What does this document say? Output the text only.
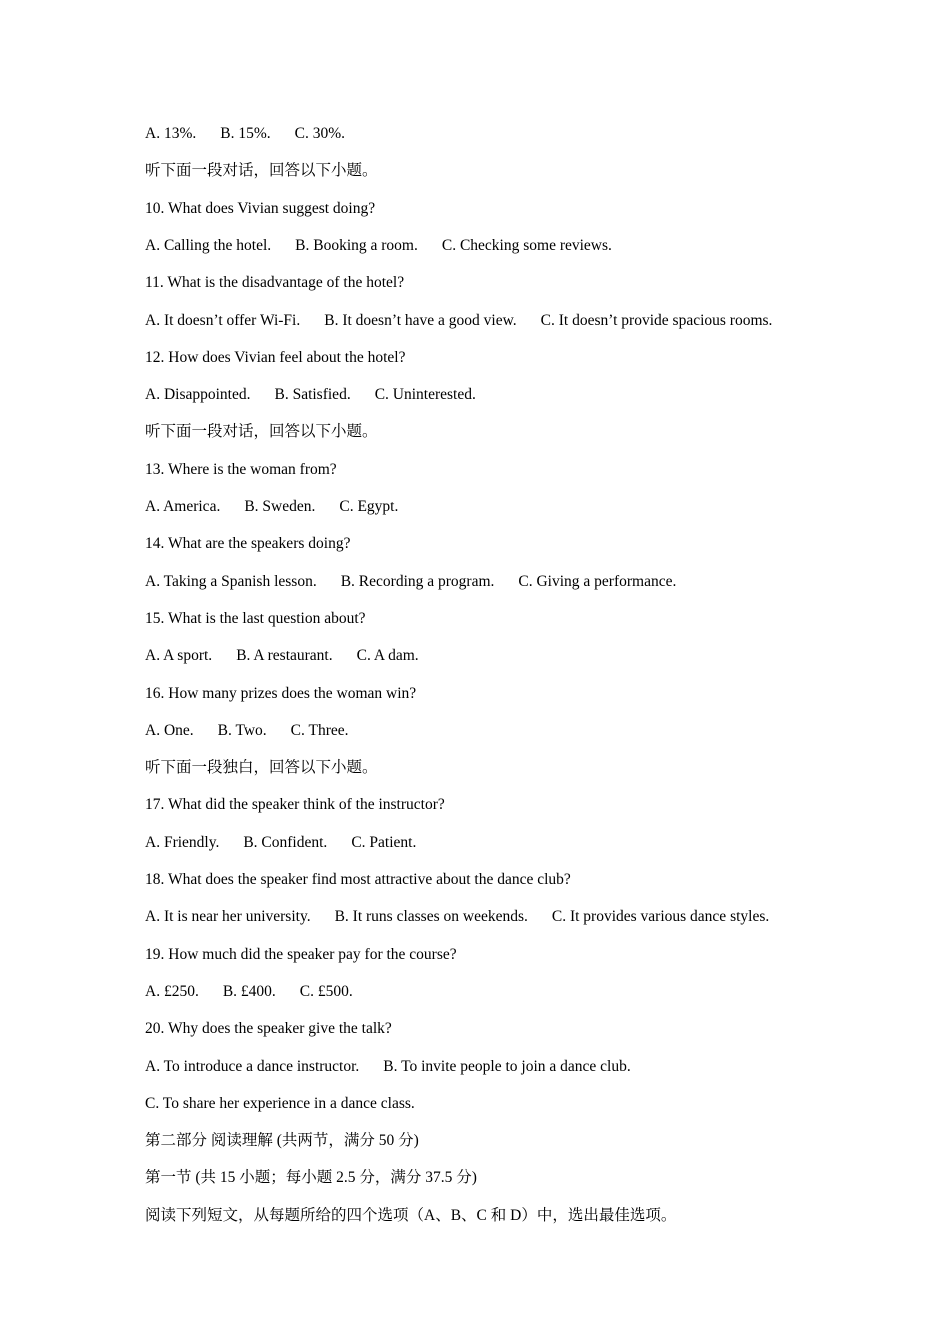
A. 13%. B. 15%. C. 30%.
听下面一段对话，回答以下小题。
10. What does Vivian suggest doing?
A. Calling the hotel. B. Booking a room. C. Checking some reviews.
11. What is the disadvantage of the hotel?
A. It doesn’t offer Wi-Fi. B. It doesn’t have a good view. C. It doesn’t provide spacious rooms.
12. How does Vivian feel about the hotel?
A. Disappointed. B. Satisfied. C. Uninterested.
听下面一段对话，回答以下小题。
13. Where is the woman from?
A. America. B. Sweden. C. Egypt.
14. What are the speakers doing?
A. Taking a Spanish lesson. B. Recording a program. C. Giving a performance.
15. What is the last question about?
A. A sport. B. A restaurant. C. A dam.
16. How many prizes does the woman win?
A. One. B. Two. C. Three.
听下面一段独白，回答以下小题。
17. What did the speaker think of the instructor?
A. Friendly. B. Confident. C. Patient.
18. What does the speaker find most attractive about the dance club?
A. It is near her university. B. It runs classes on weekends. C. It provides various dance styles.
19. How much did the speaker pay for the course?
A. £250. B. £400. C. £500.
20. Why does the speaker give the talk?
A. To introduce a dance instructor. B. To invite people to join a dance club.
C. To share her experience in a dance class.
第二部分 阅读理解 (共两节，满分 50 分)
第一节 (共 15 小题；每小题 2.5 分，满分 37.5 分)
阅读下列短文，从每题所给的四个选项（A、B、C 和 D）中，选出最佳选项。
